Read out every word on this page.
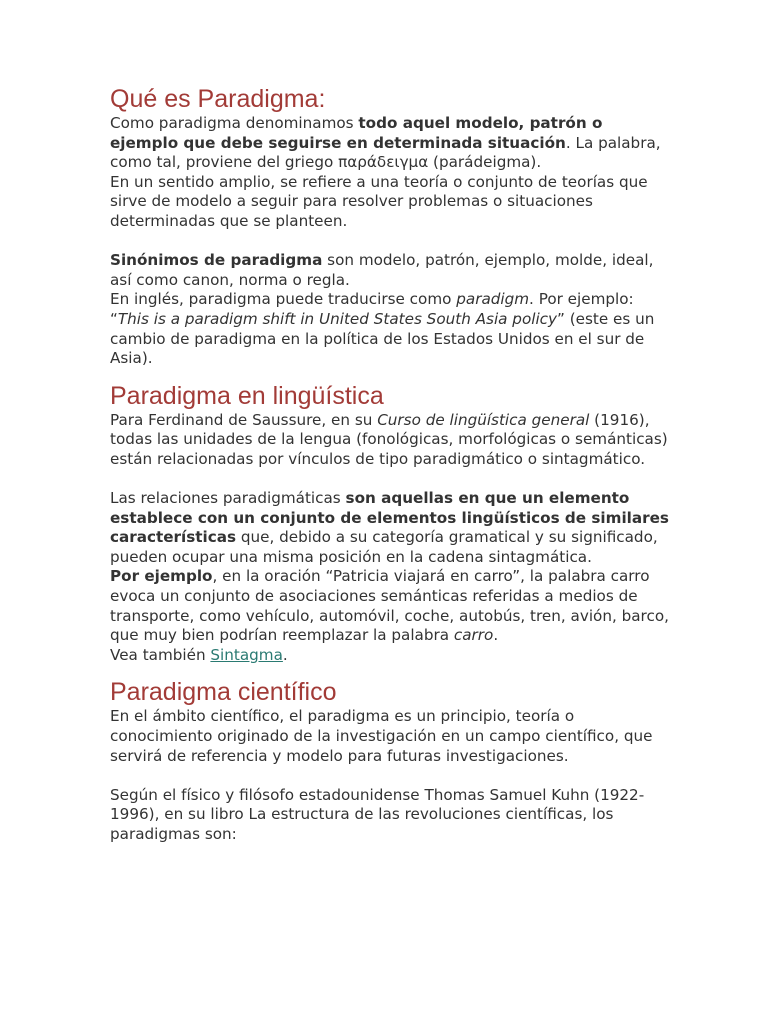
Qué es Paradigma:

Como paradigma denominamos todo aquel modelo, patrón o ejemplo que debe seguirse en determinada situación. La palabra, como tal, proviene del griego παράδειγμα (parádeigma).

En un sentido amplio, se refiere a una teoría o conjunto de teorías que sirve de modelo a seguir para resolver problemas o situaciones determinadas que se planteen.

Sinónimos de paradigma son modelo, patrón, ejemplo, molde, ideal, así como canon, norma o regla.

En inglés, paradigma puede traducirse como paradigm. Por ejemplo: “This is a paradigm shift in United States South Asia policy” (este es un cambio de paradigma en la política de los Estados Unidos en el sur de Asia).

Paradigma en lingüística

Para Ferdinand de Saussure, en su Curso de lingüística general (1916), todas las unidades de la lengua (fonológicas, morfológicas o semánticas) están relacionadas por vínculos de tipo paradigmático o sintagmático.

Las relaciones paradigmáticas son aquellas en que un elemento establece con un conjunto de elementos lingüísticos de similares características que, debido a su categoría gramatical y su significado, pueden ocupar una misma posición en la cadena sintagmática.

Por ejemplo, en la oración “Patricia viajará en carro”, la palabra carro evoca un conjunto de asociaciones semánticas referidas a medios de transporte, como vehículo, automóvil, coche, autobús, tren, avión, barco, que muy bien podrían reemplazar la palabra carro.

Vea también Sintagma.

Paradigma científico

En el ámbito científico, el paradigma es un principio, teoría o conocimiento originado de la investigación en un campo científico, que servirá de referencia y modelo para futuras investigaciones.

Según el físico y filósofo estadounidense Thomas Samuel Kuhn (1922-1996), en su libro La estructura de las revoluciones científicas, los paradigmas son:
